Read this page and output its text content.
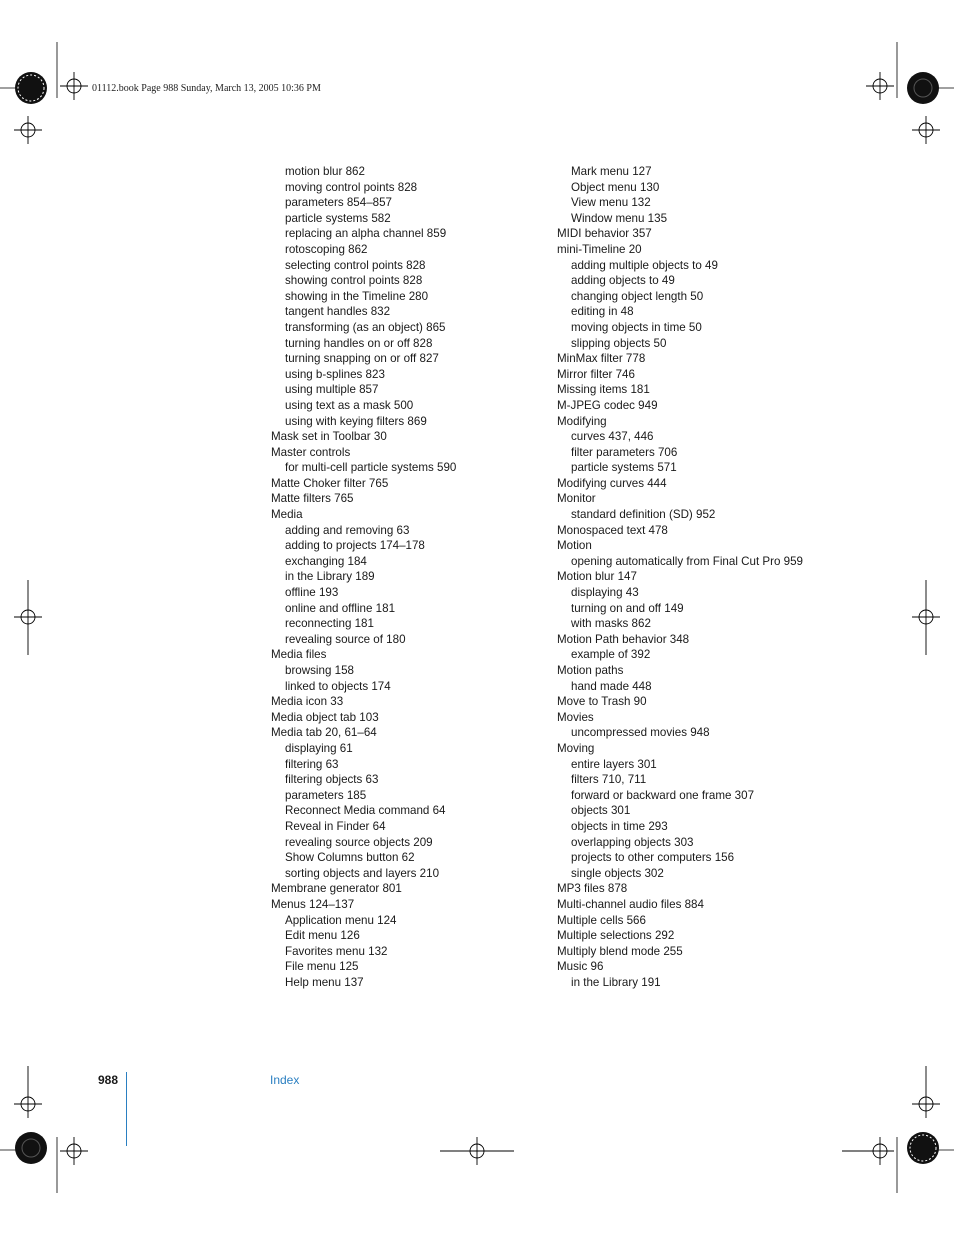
01112.book Page 988 Sunday, March 13, 2005 10:36 PM
motion blur 862
moving control points 828
parameters 854–857
particle systems 582
replacing an alpha channel 859
rotoscoping 862
selecting control points 828
showing control points 828
showing in the Timeline 280
tangent handles 832
transforming (as an object) 865
turning handles on or off 828
turning snapping on or off 827
using b-splines 823
using multiple 857
using text as a mask 500
using with keying filters 869
Mask set in Toolbar 30
Master controls
for multi-cell particle systems 590
Matte Choker filter 765
Matte filters 765
Media
adding and removing 63
adding to projects 174–178
exchanging 184
in the Library 189
offline 193
online and offline 181
reconnecting 181
revealing source of 180
Media files
browsing 158
linked to objects 174
Media icon 33
Media object tab 103
Media tab 20, 61–64
displaying 61
filtering 63
filtering objects 63
parameters 185
Reconnect Media command 64
Reveal in Finder 64
revealing source objects 209
Show Columns button 62
sorting objects and layers 210
Membrane generator 801
Menus 124–137
Application menu 124
Edit menu 126
Favorites menu 132
File menu 125
Help menu 137
Mark menu 127
Object menu 130
View menu 132
Window menu 135
MIDI behavior 357
mini-Timeline 20
adding multiple objects to 49
adding objects to 49
changing object length 50
editing in 48
moving objects in time 50
slipping objects 50
MinMax filter 778
Mirror filter 746
Missing items 181
M-JPEG codec 949
Modifying
curves 437, 446
filter parameters 706
particle systems 571
Modifying curves 444
Monitor
standard definition (SD) 952
Monospaced text 478
Motion
opening automatically from Final Cut Pro 959
Motion blur 147
displaying 43
turning on and off 149
with masks 862
Motion Path behavior 348
example of 392
Motion paths
hand made 448
Move to Trash 90
Movies
uncompressed movies 948
Moving
entire layers 301
filters 710, 711
forward or backward one frame 307
objects 301
objects in time 293
overlapping objects 303
projects to other computers 156
single objects 302
MP3 files 878
Multi-channel audio files 884
Multiple cells 566
Multiple selections 292
Multiply blend mode 255
Music 96
in the Library 191
988	Index
